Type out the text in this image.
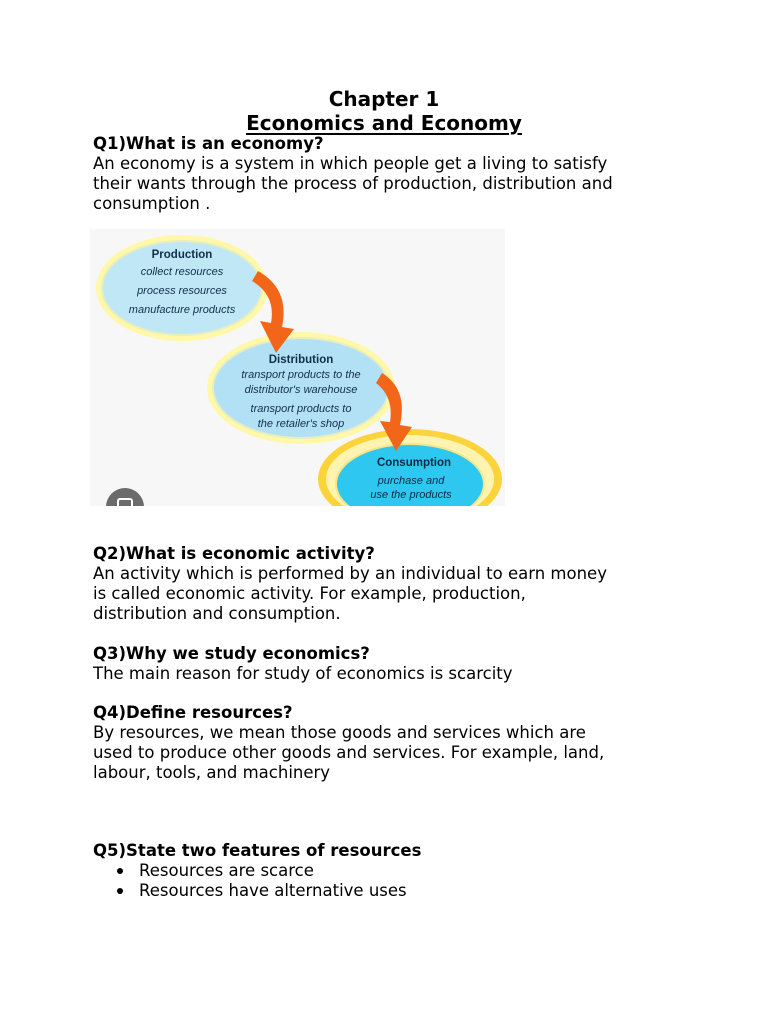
Chapter 1
Economics and Economy
Q1)What is an economy?
An economy is a system in which people get a living to satisfy
their wants through the process of production, distribution and
consumption .
Production
collect resources
process resources
manufacture products
Distribution
transport products to the
distributor's warehouse
transport products to
the retailer's shop
Consumption
purchase and
use the products
Q2)What is economic activity?
An activity which is performed by an individual to earn money
is called economic activity. For example, production,
distribution and consumption.
Q3)Why we study economics?
The main reason for study of economics is scarcity
Q4)Define resources?
By resources, we mean those goods and services which are
used to produce other goods and services. For example, land,
labour, tools, and machinery
Q5)State two features of resources
Resources are scarce
Resources have alternative uses
